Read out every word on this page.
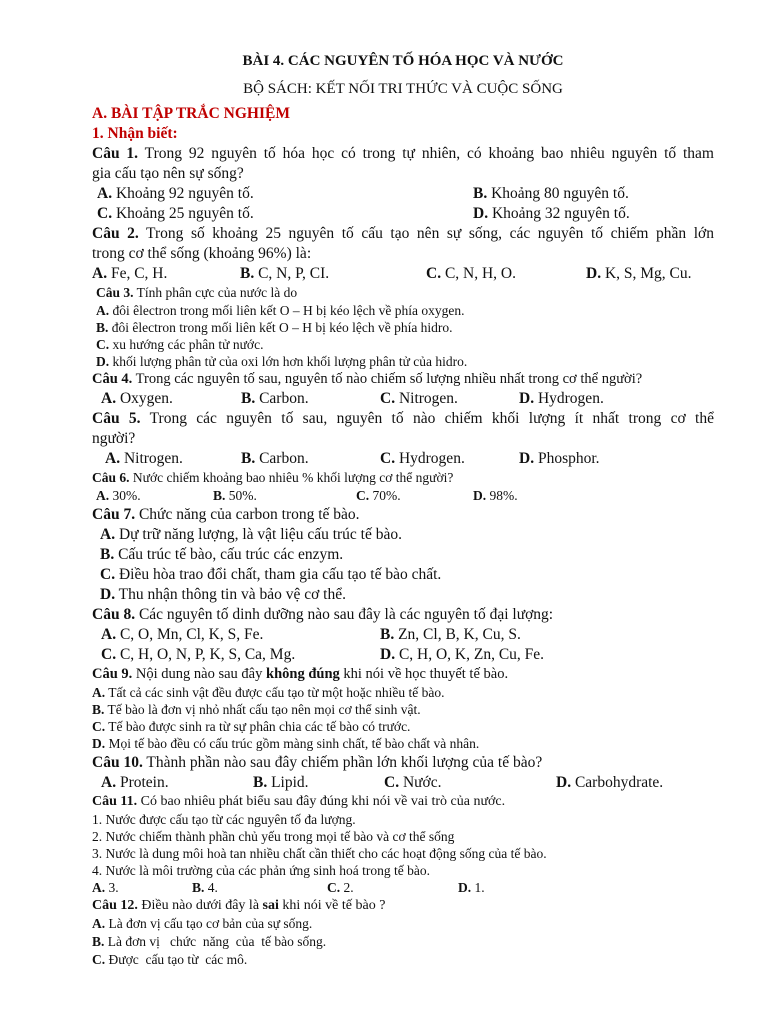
BÀI 4. CÁC NGUYÊN TỐ HÓA HỌC VÀ NƯỚC
BỘ SÁCH: KẾT NỐI TRI THỨC VÀ CUỘC SỐNG
A. BÀI TẬP TRẮC NGHIỆM
1. Nhận biết:
Câu 1. Trong 92 nguyên tố hóa học có trong tự nhiên, có khoảng bao nhiêu nguyên tố tham
gia cấu tạo nên sự sống?
A. Khoảng 92 nguyên tố.	B. Khoảng 80 nguyên tố.
C. Khoảng 25 nguyên tố.	D. Khoảng 32 nguyên tố.
Câu 2. Trong số khoảng 25 nguyên tố cấu tạo nên sự sống, các nguyên tố chiếm phần lớn
trong cơ thể sống (khoảng 96%) là:
A. Fe, C, H.	B. C, N, P, CI.	C. C, N, H, O.	D. K, S, Mg, Cu.
Câu 3. Tính phân cực của nước là do
A. đôi êlectron trong mối liên kết O – H bị kéo lệch về phía oxygen.
B. đôi êlectron trong mối liên kết O – H bị kéo lệch về phía hidro.
C. xu hướng các phân tử nước.
D. khối lượng phân tử của oxi lớn hơn khối lượng phân tử của hidro.
Câu 4. Trong các nguyên tố sau, nguyên tố nào chiếm số lượng nhiều nhất trong cơ thể người?
A. Oxygen.	B. Carbon.	C. Nitrogen.	D. Hydrogen.
Câu 5. Trong các nguyên tố sau, nguyên tố nào chiếm khối lượng ít nhất trong cơ thể
người?
A. Nitrogen.	B. Carbon.	C. Hydrogen.	D. Phosphor.
Câu 6. Nước chiếm khoảng bao nhiêu % khối lượng cơ thể người?
A. 30%.	B. 50%.	C. 70%.	D. 98%.
Câu 7. Chức năng của carbon trong tế bào.
A. Dự trữ năng lượng, là vật liệu cấu trúc tế bào.
B. Cấu trúc tế bào, cấu trúc các enzym.
C. Điều hòa trao đổi chất, tham gia cấu tạo tế bào chất.
D. Thu nhận thông tin và bảo vệ cơ thể.
Câu 8. Các nguyên tố dinh dưỡng nào sau đây là các nguyên tố đại lượng:
A. C, O, Mn, Cl, K, S, Fe.	B. Zn, Cl, B, K, Cu, S.
C. C, H, O, N, P, K, S, Ca, Mg.	D. C, H, O, K, Zn, Cu, Fe.
Câu 9. Nội dung nào sau đây không đúng khi nói về học thuyết tế bào.
A. Tất cả các sinh vật đều được cấu tạo từ một hoặc nhiều tế bào.
B. Tế bào là đơn vị nhỏ nhất cấu tạo nên mọi cơ thể sinh vật.
C. Tế bào được sinh ra từ sự phân chia các tế bào có trước.
D. Mọi tế bào đều có cấu trúc gồm màng sinh chất, tế bào chất và nhân.
Câu 10. Thành phần nào sau đây chiếm phần lớn khối lượng của tế bào?
A. Protein.	B. Lipid.	C. Nước.	D. Carbohydrate.
Câu 11. Có bao nhiêu phát biểu sau đây đúng khi nói về vai trò của nước.
1. Nước được cấu tạo từ các nguyên tố đa lượng.
2. Nước chiếm thành phần chủ yếu trong mọi tế bào và cơ thể sống
3. Nước là dung môi hoà tan nhiều chất cần thiết cho các hoạt động sống của tế bào.
4. Nước là môi trường của các phản ứng sinh hoá trong tế bào.
A. 3.	B. 4.	C. 2.	D. 1.
Câu 12. Điều nào dưới đây là sai khi nói về tế bào ?
A. Là đơn vị cấu tạo cơ bản của sự sống.
B. Là đơn vị   chức  năng  của  tế bào sống.
C. Được  cấu tạo từ  các mô.
